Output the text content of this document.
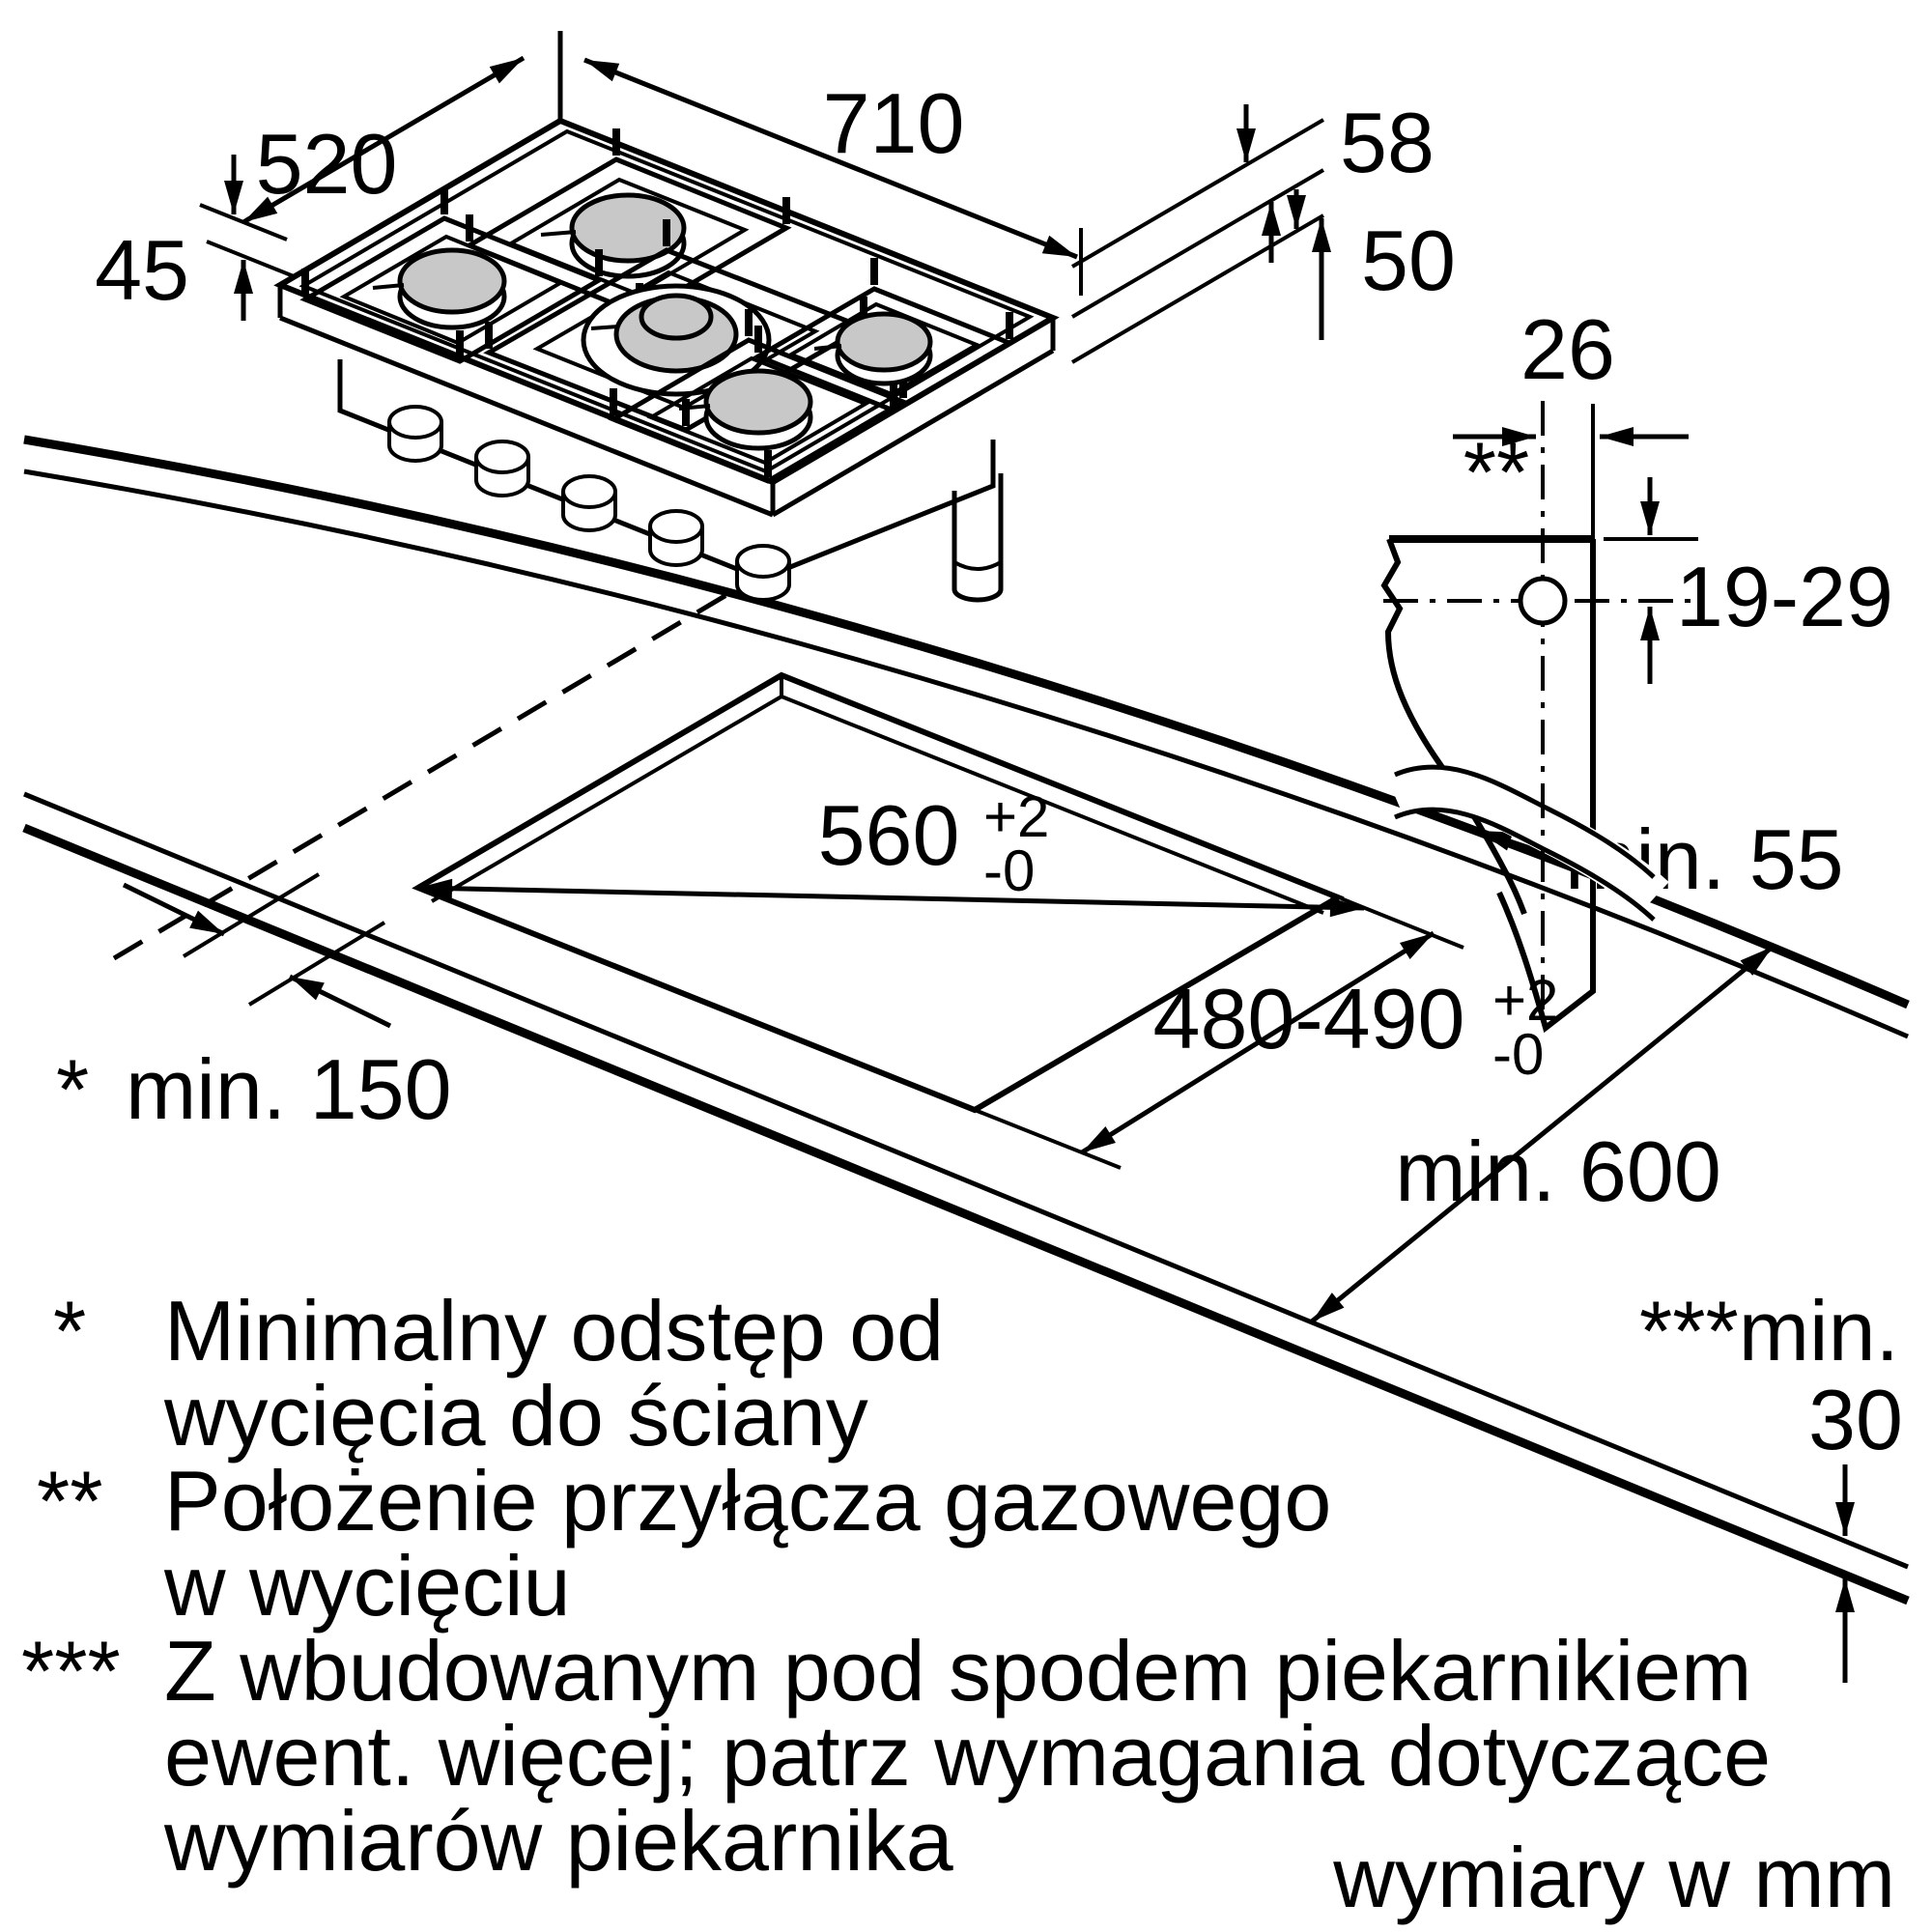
520	710
45
58
50
560 +2
-0
480-490 +2
-0
min. 55
* min. 150
min. 600
***min.
30
26
**
19-29
* Minimalny odstęp od
wycięcia do ściany
** Położenie przyłącza gazowego
w wycięciu
*** Z wbudowanym pod spodem piekarnikiem
ewent. więcej; patrz wymagania dotyczące
wymiarów piekarnika	wymiary w mm
